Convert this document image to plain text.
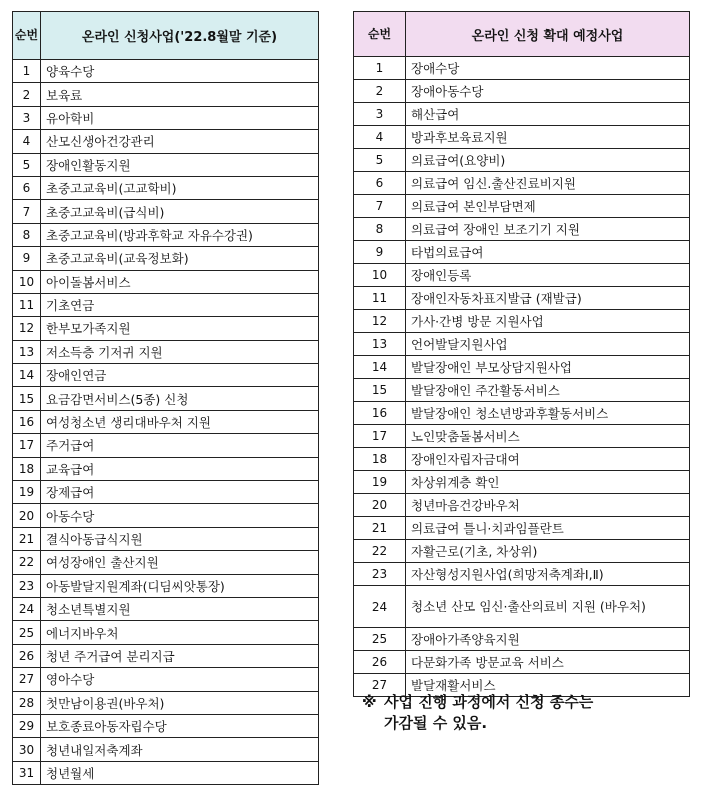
순번	온라인 신청사업('22.8월말 기준)
1	양육수당
2	보육료
3	유아학비
4	산모신생아건강관리
5	장애인활동지원
6	초중고교육비(고교학비)
7	초중고교육비(급식비)
8	초중고교육비(방과후학교 자유수강권)
9	초중고교육비(교육정보화)
10	아이돌봄서비스
11	기초연금
12	한부모가족지원
13	저소득층 기저귀 지원
14	장애인연금
15	요금감면서비스(5종) 신청
16	여성청소년 생리대바우처 지원
17	주거급여
18	교육급여
19	장제급여
20	아동수당
21	결식아동급식지원
22	여성장애인 출산지원
23	아동발달지원계좌(디딤씨앗통장)
24	청소년특별지원
25	에너지바우처
26	청년 주거급여 분리지급
27	영아수당
28	첫만남이용권(바우처)
29	보호종료아동자립수당
30	청년내일저축계좌
31	청년월세
순번	온라인 신청 확대 예정사업
1	장애수당
2	장애아동수당
3	해산급여
4	방과후보육료지원
5	의료급여(요양비)
6	의료급여 임신.출산진료비지원
7	의료급여 본인부담면제
8	의료급여 장애인 보조기기 지원
9	타법의료급여
10	장애인등록
11	장애인자동차표지발급 (재발급)
12	가사·간병 방문 지원사업
13	언어발달지원사업
14	발달장애인 부모상담지원사업
15	발달장애인 주간활동서비스
16	발달장애인 청소년방과후활동서비스
17	노인맞춤돌봄서비스
18	장애인자립자금대여
19	차상위계층 확인
20	청년마음건강바우처
21	의료급여 틀니·치과임플란트
22	자활근로(기초, 차상위)
23	자산형성지원사업(희망저축계좌Ⅰ,Ⅱ)
24	청소년 산모 임신·출산의료비 지원 (바우처)
25	장애아가족양육지원
26	다문화가족 방문교육 서비스
27	발달재활서비스
※ 사업 진행 과정에서 신청 종수는
가감될 수 있음.
